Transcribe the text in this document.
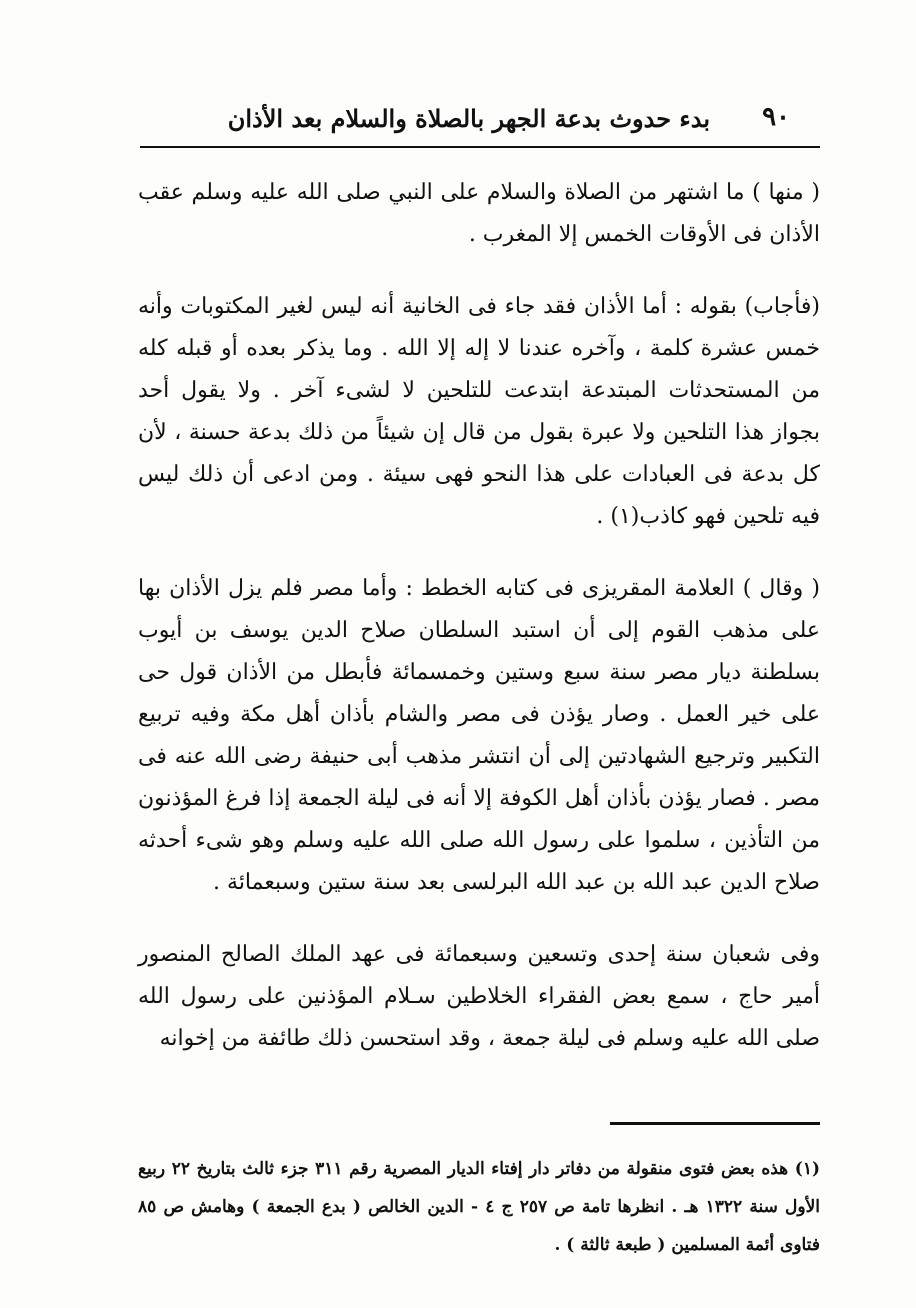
٩٠
بدء حدوث بدعة الجهر بالصلاة والسلام بعد الأذان

( منها ) ما اشتهر من الصلاة والسلام على النبي صلى الله عليه وسلم عقب الأذان فى الأوقات الخمس إلا المغرب .

(فأجاب) بقوله : أما الأذان فقد جاء فى الخانية أنه ليس لغير المكتوبات وأنه خمس عشرة كلمة ، وآخره عندنا لا إله إلا الله . وما يذكر بعده أو قبله كله من المستحدثات المبتدعة ابتدعت للتلحين لا لشىء آخر . ولا يقول أحد بجواز هذا التلحين ولا عبرة بقول من قال إن شيئاً من ذلك بدعة حسنة ، لأن كل بدعة فى العبادات على هذا النحو فهى سيئة . ومن ادعى أن ذلك ليس فيه تلحين فهو كاذب(١) .

( وقال ) العلامة المقريزى فى كتابه الخطط : وأما مصر فلم يزل الأذان بها على مذهب القوم إلى أن استبد السلطان صلاح الدين يوسف بن أيوب بسلطنة ديار مصر سنة سبع وستين وخمسمائة فأبطل من الأذان قول حى على خير العمل . وصار يؤذن فى مصر والشام بأذان أهل مكة وفيه تربيع التكبير وترجيع الشهادتين إلى أن انتشر مذهب أبى حنيفة رضى الله عنه فى مصر . فصار يؤذن بأذان أهل الكوفة إلا أنه فى ليلة الجمعة إذا فرغ المؤذنون من التأذين ، سلموا على رسول الله صلى الله عليه وسلم وهو شىء أحدثه صلاح الدين عبد الله بن عبد الله البرلسى بعد سنة ستين وسبعمائة .

وفى شعبان سنة إحدى وتسعين وسبعمائة فى عهد الملك الصالح المنصور أمير حاج ، سمع بعض الفقراء الخلاطين سـلام المؤذنين على رسول الله صلى الله عليه وسلم فى ليلة جمعة ، وقد استحسن ذلك طائفة من إخوانه

(١) هذه بعض فتوى منقولة من دفاتر دار إفتاء الديار المصرية رقم ٣١١ جزء ثالث بتاريخ ٢٢ ربيع الأول سنة ١٣٢٢ هـ . انظرها تامة ص ٢٥٧ ج ٤ - الدين الخالص ( بدع الجمعة ) وهامش ص ٨٥ فتاوى أئمة المسلمين ( طبعة ثالثة ) .
